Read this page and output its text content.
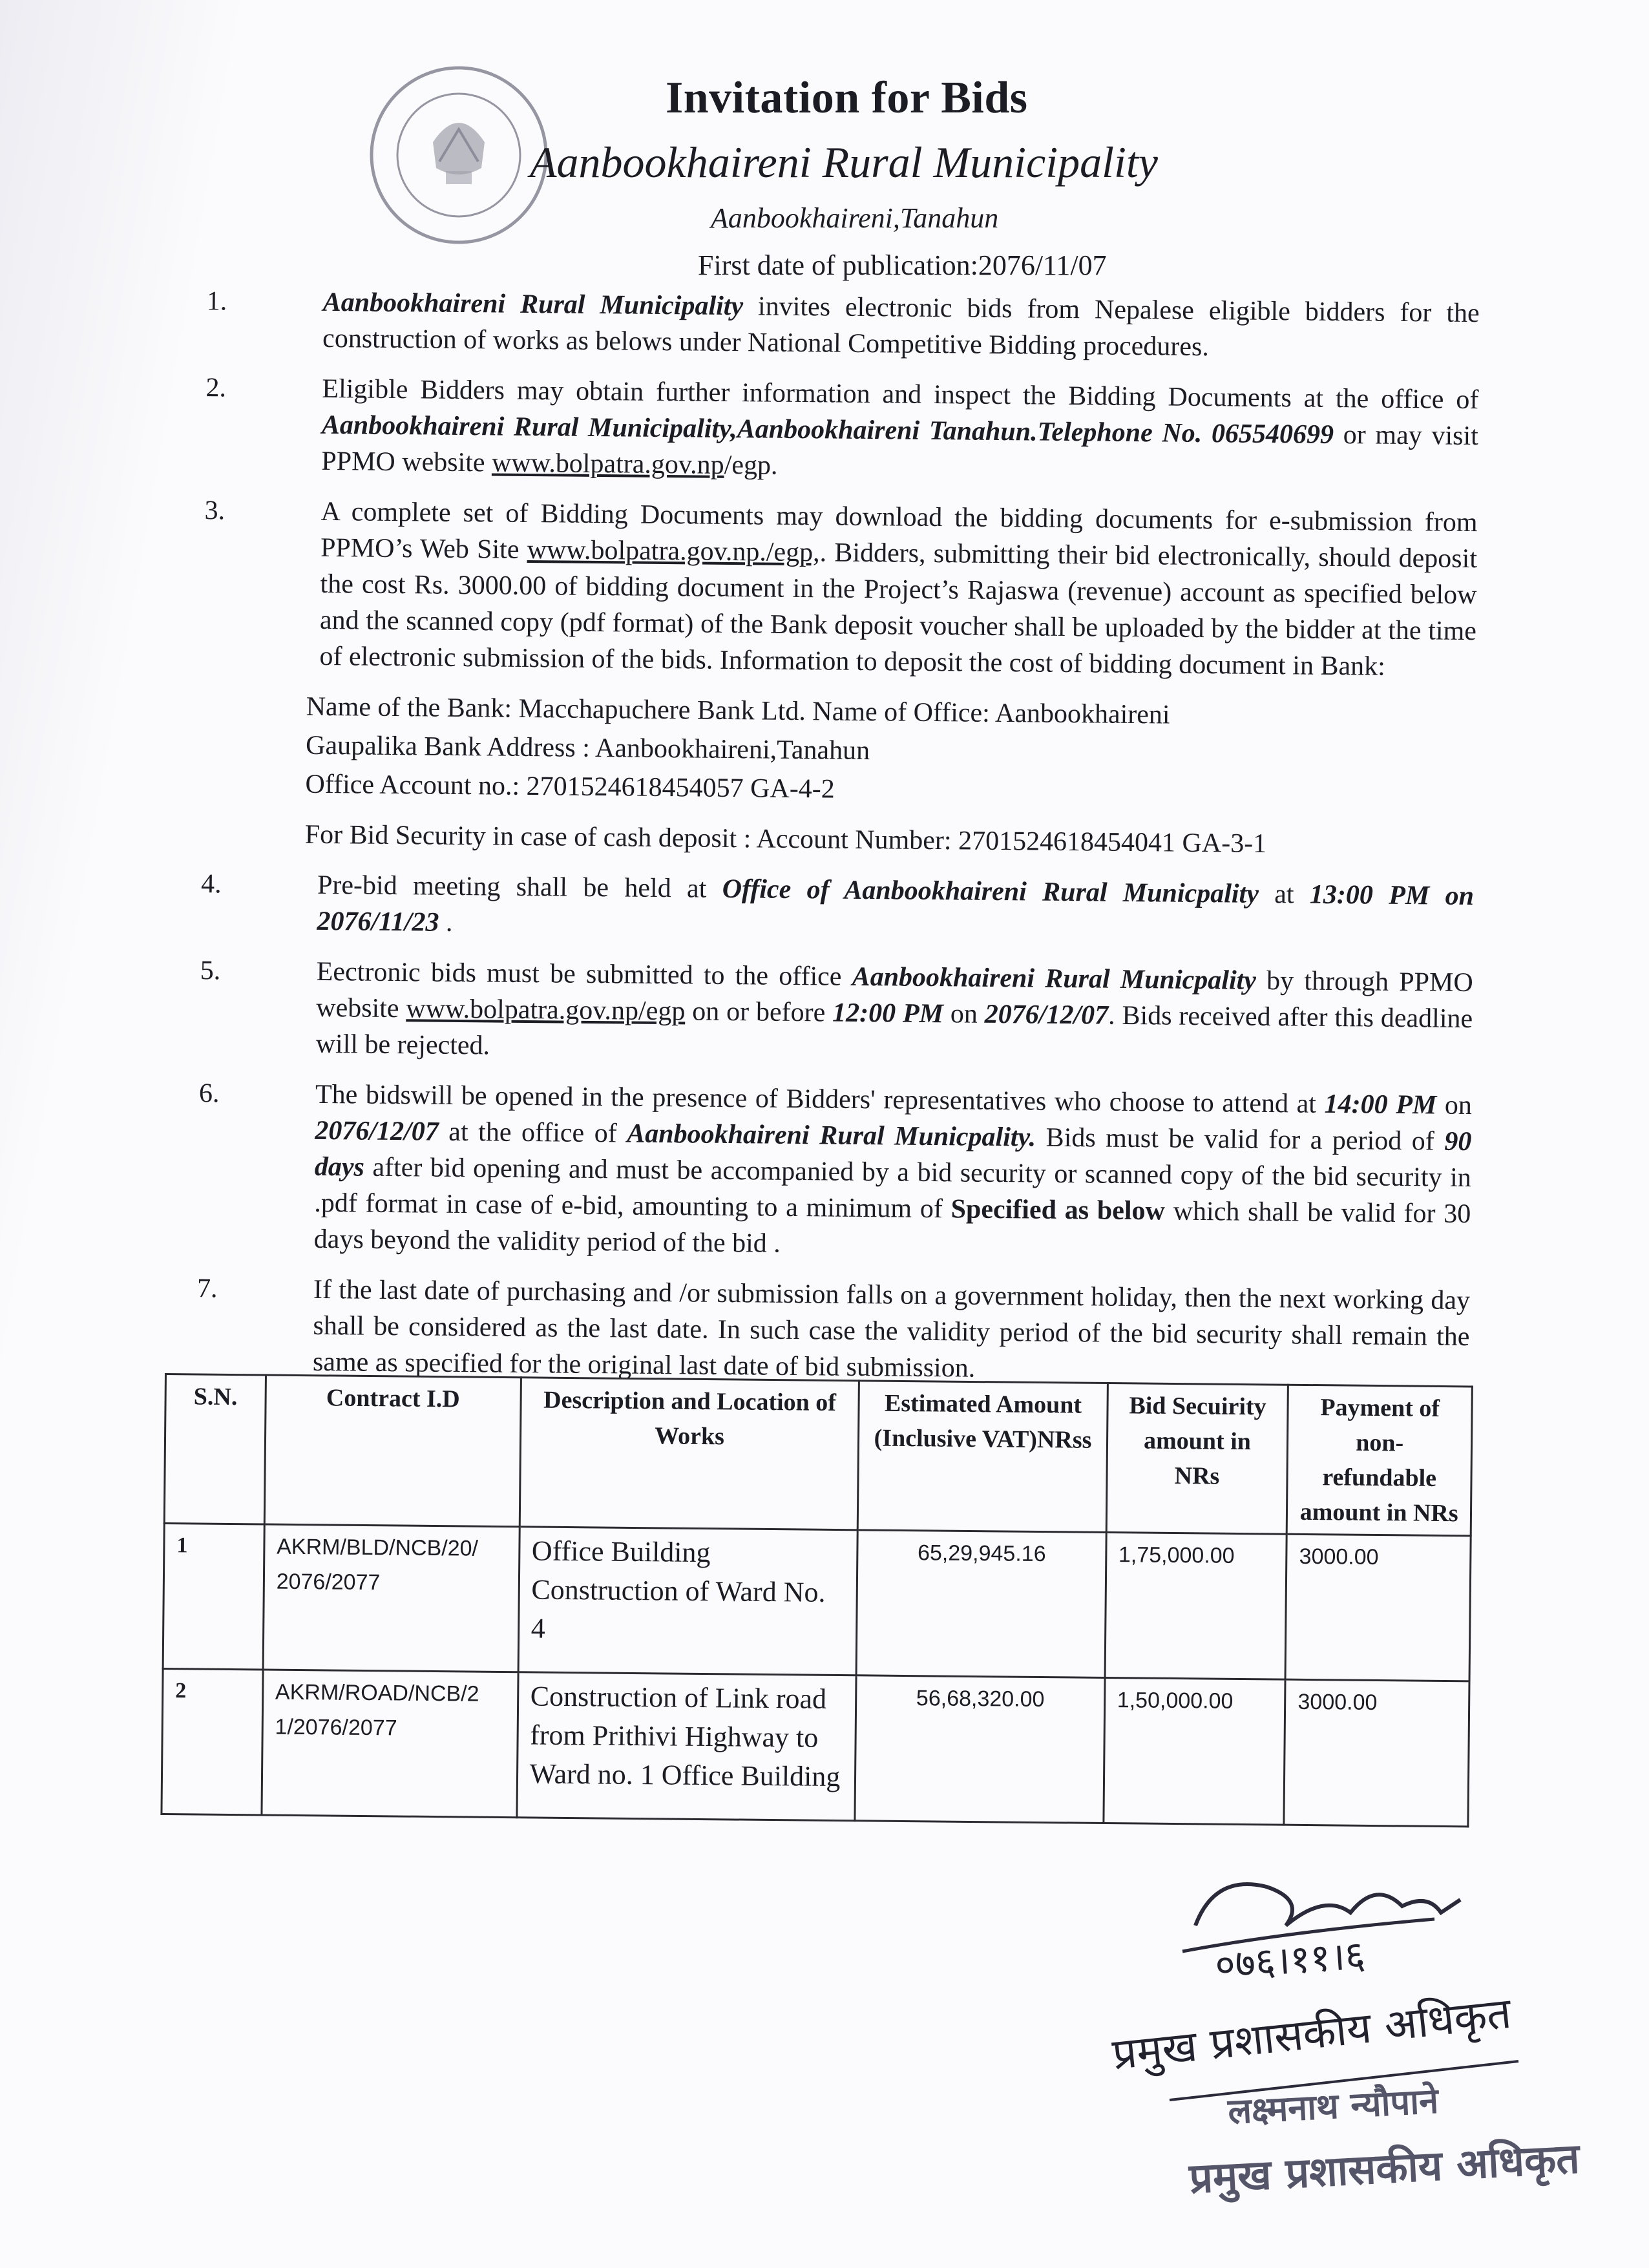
Invitation for Bids
Aanbookhaireni Rural Municipality
Aanbookhaireni,Tanahun
First date of publication:2076/11/07
1.	Aanbookhaireni Rural Municipality invites electronic bids from Nepalese eligible bidders for the construction of works as belows under National Competitive Bidding procedures.
2.	Eligible Bidders may obtain further information and inspect the Bidding Documents at the office of Aanbookhaireni Rural Municipality,Aanbookhaireni Tanahun.Telephone No. 065540699 or may visit PPMO website www.bolpatra.gov.np/egp.
3.	A complete set of Bidding Documents may download the bidding documents for e-submission from PPMO’s Web Site www.bolpatra.gov.np./egp,. Bidders, submitting their bid electronically, should deposit the cost Rs. 3000.00 of bidding document in the Project’s Rajaswa (revenue) account as specified below and the scanned copy (pdf format) of the Bank deposit voucher shall be uploaded by the bidder at the time of electronic submission of the bids. Information to deposit the cost of bidding document in Bank:
Name of the Bank: Macchapuchere Bank Ltd. Name of Office: Aanbookhaireni
Gaupalika Bank Address : Aanbookhaireni,Tanahun
Office Account no.: 2701524618454057 GA-4-2
For Bid Security in case of cash deposit : Account Number: 2701524618454041 GA-3-1
4.	Pre-bid meeting shall be held at Office of Aanbookhaireni Rural Municpality at 13:00 PM on 2076/11/23 .
5.	Eectronic bids must be submitted to the office Aanbookhaireni Rural Municpality by through PPMO website www.bolpatra.gov.np/egp on or before 12:00 PM on 2076/12/07. Bids received after this deadline will be rejected.
6.	The bidswill be opened in the presence of Bidders' representatives who choose to attend at 14:00 PM on 2076/12/07 at the office of Aanbookhaireni Rural Municpality. Bids must be valid for a period of 90 days after bid opening and must be accompanied by a bid security or scanned copy of the bid security in .pdf format in case of e-bid, amounting to a minimum of Specified as below which shall be valid for 30 days beyond the validity period of the bid .
7.	If the last date of purchasing and /or submission falls on a government holiday, then the next working day shall be considered as the last date. In such case the validity period of the bid security shall remain the same as specified for the original last date of bid submission.
S.N.	Contract I.D	Description and Location of Works	Estimated Amount (Inclusive VAT)NRss	Bid Secuirity amount in NRs	Payment of non-refundable amount in NRs
1	AKRM/BLD/NCB/20/ 2076/2077	Office Building Construction of Ward No. 4	65,29,945.16	1,75,000.00	3000.00
2	AKRM/ROAD/NCB/2 1/2076/2077	Construction of Link road from Prithivi Highway to Ward no. 1 Office Building	56,68,320.00	1,50,000.00	3000.00
०७६।११।६
प्रमुख प्रशासकीय अधिकृत
लक्ष्मनाथ न्यौपाने
प्रमुख प्रशासकीय अधिकृत
